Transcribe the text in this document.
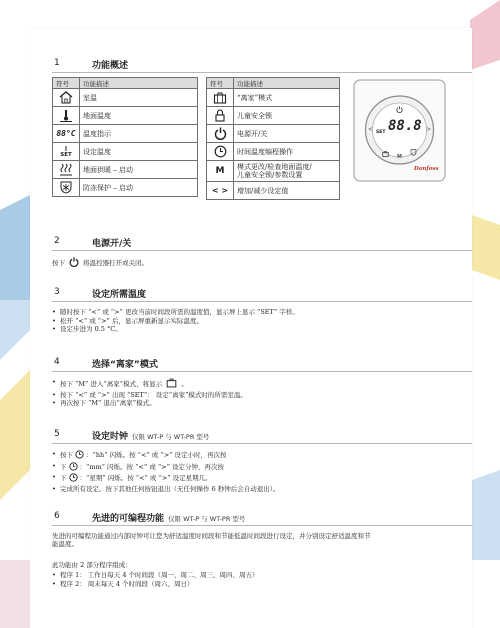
1	功能概述
符号	功能描述

	室温

	地面温度
88°C	温度指示

SET	设定温度

	地面供暖 – 启动

	防冻保护 – 启动
符号	功能描述

	“离家”模式

	儿童安全锁

	电源开/关

	时间温度编程操作
M	模式更改/检查地面温度/
儿童安全锁/参数设置

< >	增加/减少设定值
88.8
SET
<	>
M
Danfoss
2	电源开/关
按下	将温控器打开或关闭。
3	设定所需温度
• 随时按下 “<” 或 “>” 更改当前时间段所需的温度值，显示屏上显示 “SET” 字样。
• 松开 “<” 或 “>” 后，显示屏重新显示实际温度。
• 设定步进为 0.5 °C。
4	选择“离家”模式
• 按下 “M” 进入“离家”模式，将显示	。
• 按下 “<” 或 “>” 出现 “SET”： 设定“离家”模式时的所需室温。
• 再次按下 “M” 退出“离家”模式。
5	设定时钟 仅限 WT-P 与 WT-PR 型号
• 按下 ：“hh” 闪烁。按 “<” 或 “>” 设定小时，再次按
• 下 ：“mm” 闪烁。按 “<” 或 “>” 设定分钟，再次按
• 下 ：“星期” 闪烁。按 “<” 或 “>” 设定星期几。
• 完成所有设定。按下其他任何按钮退出（无任何操作 6 秒钟后会自动退出）。
6	先进的可编程功能 仅限 WT-P 与 WT-PR 型号
先进的可编程功能通过内部时钟可让您为舒适温度时间段和节能低温时间段进行设定，并分别设定舒适温度和节
能温度。
此功能由 2 部分程序组成：
• 程序 1： 工作日每天 4 个时间段（周一、周二、周三、周四、周五）
• 程序 2： 周末每天 4 个时间段（周六、周日）
